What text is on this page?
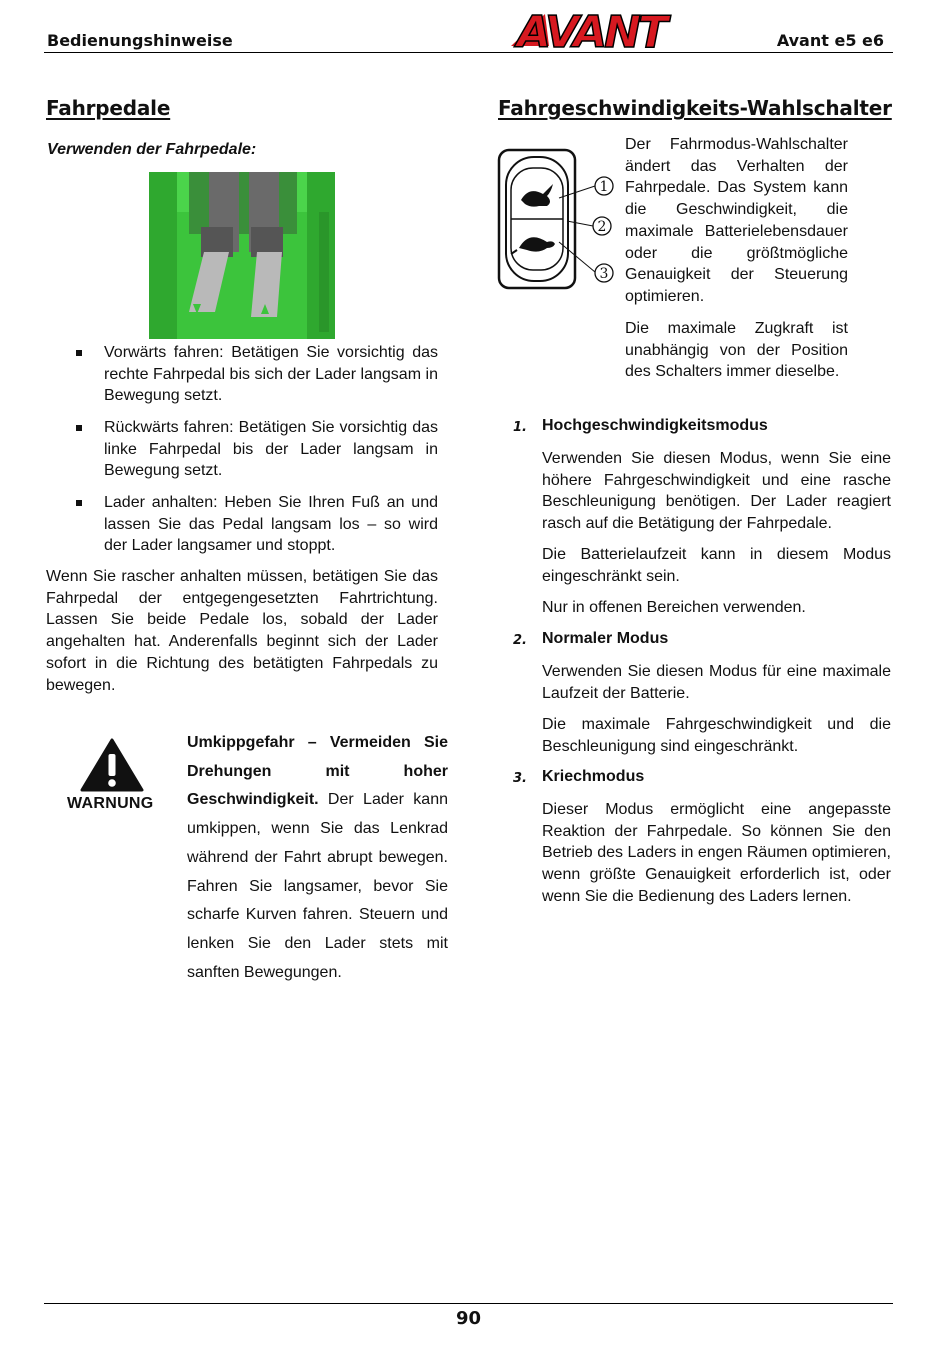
Bedienungshinweise	AVANT	Avant e5 e6
Fahrpedale
Verwenden der Fahrpedale:

Vorwärts fahren: Betätigen Sie vorsichtig das rechte Fahrpedal bis sich der Lader langsam in Bewegung setzt.

Rückwärts fahren: Betätigen Sie vorsichtig das linke Fahrpedal bis der Lader langsam in Bewegung setzt.

Lader anhalten: Heben Sie Ihren Fuß an und lassen Sie das Pedal langsam los – so wird der Lader langsamer und stoppt.

Wenn Sie rascher anhalten müssen, betätigen Sie das Fahrpedal der entgegengesetzten Fahrtrichtung. Lassen Sie beide Pedale los, sobald der Lader angehalten hat. Anderenfalls beginnt sich der Lader sofort in die Richtung des betätigten Fahrpedals zu bewegen.

WARNUNG

Umkippgefahr – Vermeiden Sie Drehungen mit hoher Geschwindigkeit. Der Lader kann umkippen, wenn Sie das Lenkrad während der Fahrt abrupt bewegen. Fahren Sie langsamer, bevor Sie scharfe Kurven fahren. Steuern und lenken Sie den Lader stets mit sanften Bewegungen.

Fahrgeschwindigkeits-Wahlschalter
1
2
3

Der Fahrmodus-Wahlschalter ändert das Verhalten der Fahrpedale. Das System kann die Geschwindigkeit, die maximale Batterielebensdauer oder die größtmögliche Genauigkeit der Steuerung optimieren.

Die maximale Zugkraft ist unabhängig von der Position des Schalters immer dieselbe.

1. Hochgeschwindigkeitsmodus

Verwenden Sie diesen Modus, wenn Sie eine höhere Fahrgeschwindigkeit und eine rasche Beschleunigung benötigen. Der Lader reagiert rasch auf die Betätigung der Fahrpedale.

Die Batterielaufzeit kann in diesem Modus eingeschränkt sein.

Nur in offenen Bereichen verwenden.

2. Normaler Modus

Verwenden Sie diesen Modus für eine maximale Laufzeit der Batterie.

Die maximale Fahrgeschwindigkeit und die Beschleunigung sind eingeschränkt.

3. Kriechmodus

Dieser Modus ermöglicht eine angepasste Reaktion der Fahrpedale. So können Sie den Betrieb des Laders in engen Räumen optimieren, wenn größte Genauigkeit erforderlich ist, oder wenn Sie die Bedienung des Laders lernen.

90
